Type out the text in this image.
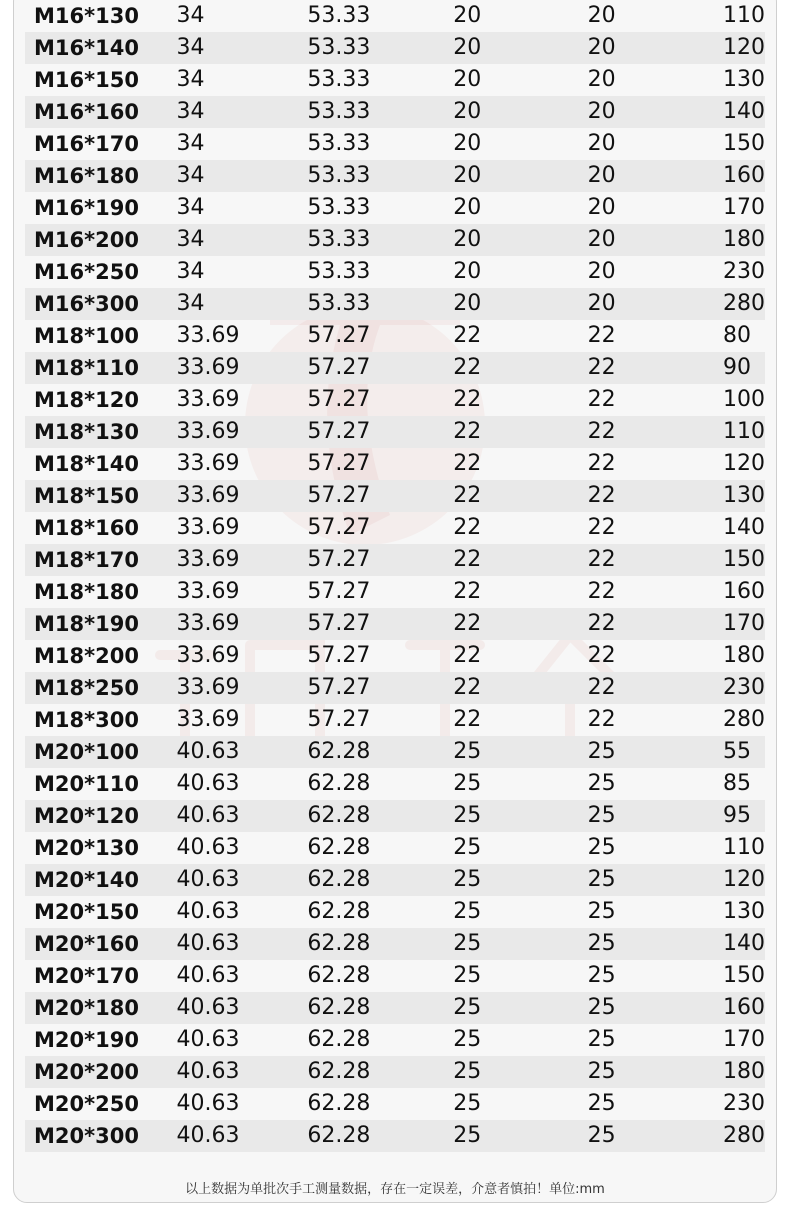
M16*130	34	53.33	20	20	110
M16*140	34	53.33	20	20	120
M16*150	34	53.33	20	20	130
M16*160	34	53.33	20	20	140
M16*170	34	53.33	20	20	150
M16*180	34	53.33	20	20	160
M16*190	34	53.33	20	20	170
M16*200	34	53.33	20	20	180
M16*250	34	53.33	20	20	230
M16*300	34	53.33	20	20	280
M18*100	33.69	57.27	22	22	80
M18*110	33.69	57.27	22	22	90
M18*120	33.69	57.27	22	22	100
M18*130	33.69	57.27	22	22	110
M18*140	33.69	57.27	22	22	120
M18*150	33.69	57.27	22	22	130
M18*160	33.69	57.27	22	22	140
M18*170	33.69	57.27	22	22	150
M18*180	33.69	57.27	22	22	160
M18*190	33.69	57.27	22	22	170
M18*200	33.69	57.27	22	22	180
M18*250	33.69	57.27	22	22	230
M18*300	33.69	57.27	22	22	280
M20*100	40.63	62.28	25	25	55
M20*110	40.63	62.28	25	25	85
M20*120	40.63	62.28	25	25	95
M20*130	40.63	62.28	25	25	110
M20*140	40.63	62.28	25	25	120
M20*150	40.63	62.28	25	25	130
M20*160	40.63	62.28	25	25	140
M20*170	40.63	62.28	25	25	150
M20*180	40.63	62.28	25	25	160
M20*190	40.63	62.28	25	25	170
M20*200	40.63	62.28	25	25	180
M20*250	40.63	62.28	25	25	230
M20*300	40.63	62.28	25	25	280
以上数据为单批次手工测量数据，存在一定误差，介意者慎拍！单位:mm
